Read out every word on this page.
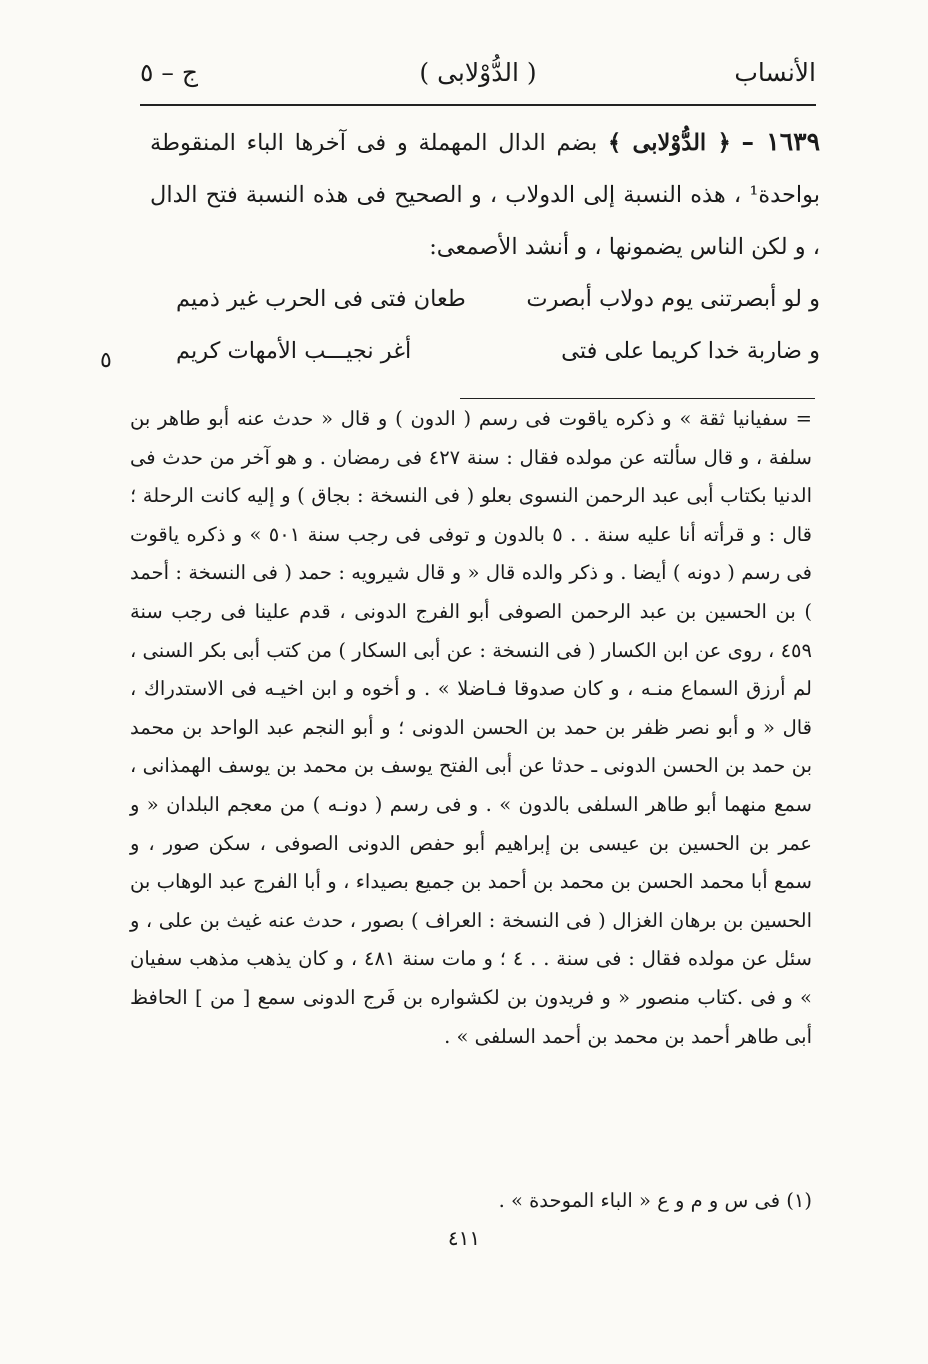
الأنساب
( الدُّوْلابى )
ج – ٥
١٦٣٩ – ﴿ الدُّوْلابى ﴾ بضم الدال المهملة و فى آخرها الباء المنقوطة بواحدة¹ ، هذه النسبة إلى الدولاب ، و الصحيح فى هذه النسبة فتح الدال ، و لكن الناس يضمونها ، و أنشد الأصمعى:
و لو أبصرتنى يوم دولاب أبصرت
طعان فتى فى الحرب غير ذميم
و ضاربة خدا كريما على فتى
أغر نجيـــب الأمهات كريم
٥

= سفيانيا ثقة » و ذكره ياقوت فى رسم ( الدون ) و قال « حدث عنه أبو طاهر بن سلفة ، و قال سألته عن مولده فقال : سنة ٤٢٧ فى رمضان . و هو آخر من حدث فى الدنيا بكتاب أبى عبد الرحمن النسوى بعلو ( فى النسخة : بجاق ) و إليه كانت الرحلة ؛ قال : و قرأته أنا عليه سنة . . ٥ بالدون و توفى فى رجب سنة ٥٠١ » و ذكره ياقوت فى رسم ( دونه ) أيضا . و ذكر والده قال « و قال شيرويه : حمد ( فى النسخة : أحمد ) بن الحسين بن عبد الرحمن الصوفى أبو الفرج الدونى ، قدم علينا فى رجب سنة ٤٥٩ ، روى عن ابن الكسار ( فى النسخة : عن أبى السكار ) من كتب أبى بكر السنى ، لم أرزق السماع منـه ، و كان صدوقا فـاضلا » . و أخوه و ابن اخيـه فى الاستدراك ، قال « و أبو نصر ظفر بن حمد بن الحسن الدونى ؛ و أبو النجم عبد الواحد بن محمد بن حمد بن الحسن الدونى ـ حدثا عن أبى الفتح يوسف بن محمد بن يوسف الهمذانى ، سمع منهما أبو طاهر السلفى بالدون » . و فى رسم ( دونـه ) من معجم البلدان « و عمر بن الحسين بن عيسى بن إبراهيم أبو حفص الدونى الصوفى ، سكن صور ، و سمع أبا محمد الحسن بن محمد بن أحمد بن جميع بصيداء ، و أبا الفرج عبد الوهاب بن الحسين بن برهان الغزال ( فى النسخة : العراف ) بصور ، حدث عنه غيث بن على ، و سئل عن مولده فقال : فى سنة . . ٤ ؛ و مات سنة ٤٨١ ، و كان يذهب مذهب سفيان » و فى .كتاب منصور « و فريدون بن لكشواره بن فَرج الدونى سمع [ من ] الحافظ أبى طاهر أحمد بن محمد بن أحمد السلفى » .

(١) فى س و م و ع « الباء الموحدة » .
٤١١
